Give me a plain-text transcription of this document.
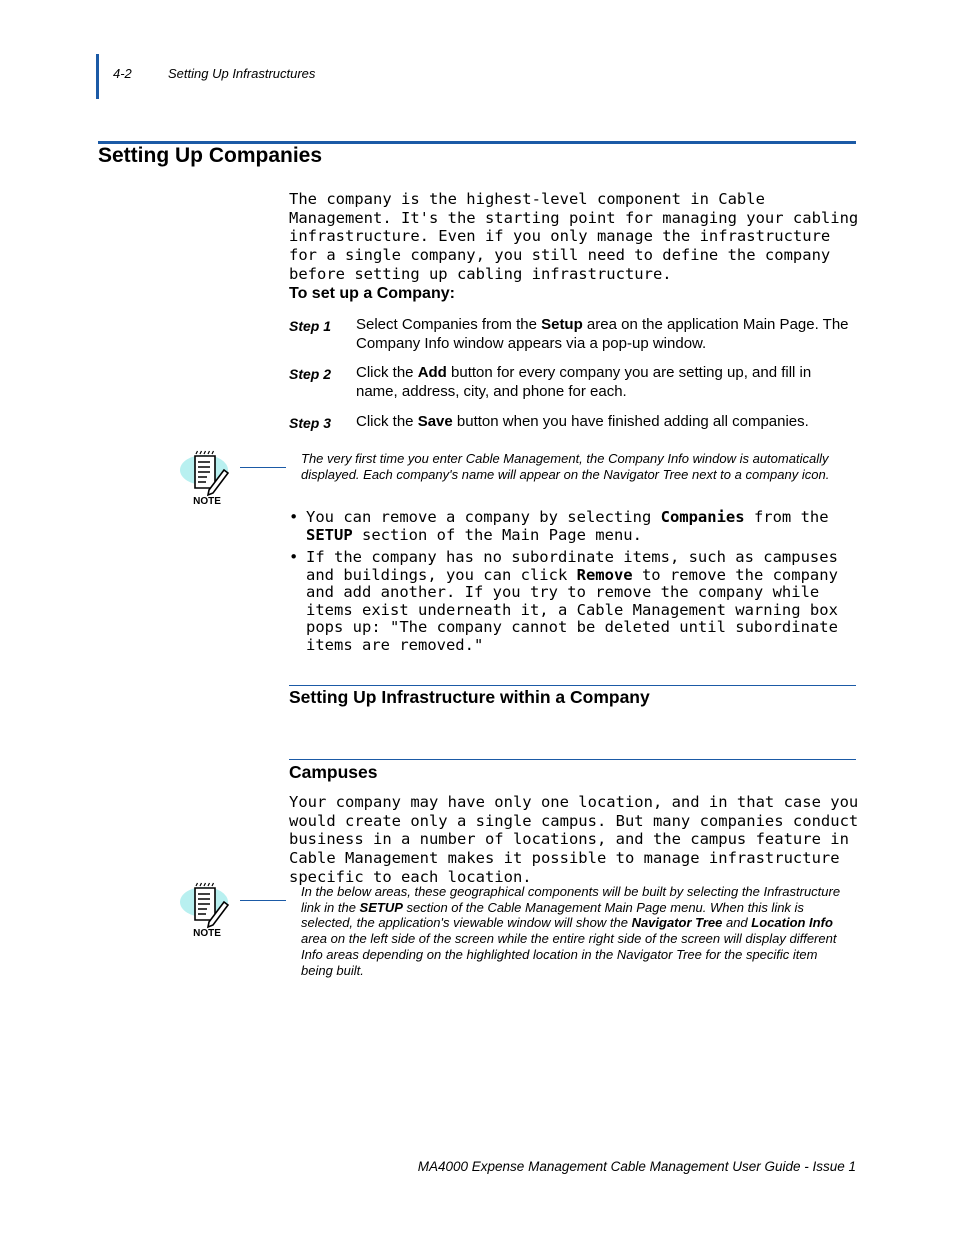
4-2	Setting Up Infrastructures
Setting Up Companies
The company is the highest-level component in Cable Management. It's the starting point for managing your cabling infrastructure. Even if you only manage the infrastructure for a single company, you still need to define the company before setting up cabling infrastructure.
To set up a Company:
Step 1 Select Companies from the Setup area on the application Main Page. The Company Info window appears via a pop-up window.
Step 2 Click the Add button for every company you are setting up, and fill in name, address, city, and phone for each.
Step 3 Click the Save button when you have finished adding all companies.
NOTE
The very first time you enter Cable Management, the Company Info window is automatically displayed. Each company's name will appear on the Navigator Tree next to a company icon.
• You can remove a company by selecting Companies from the SETUP section of the Main Page menu.
• If the company has no subordinate items, such as campuses and buildings, you can click Remove to remove the company and add another. If you try to remove the company while items exist underneath it, a Cable Management warning box pops up: "The company cannot be deleted until subordinate items are removed."
Setting Up Infrastructure within a Company
Campuses
Your company may have only one location, and in that case you would create only a single campus. But many companies conduct business in a number of locations, and the campus feature in Cable Management makes it possible to manage infrastructure specific to each location.
NOTE
In the below areas, these geographical components will be built by selecting the Infrastructure link in the SETUP section of the Cable Management Main Page menu. When this link is selected, the application's viewable window will show the Navigator Tree and Location Info area on the left side of the screen while the entire right side of the screen will display different Info areas depending on the highlighted location in the Navigator Tree for the specific item being built.
MA4000 Expense Management Cable Management User Guide - Issue 1
